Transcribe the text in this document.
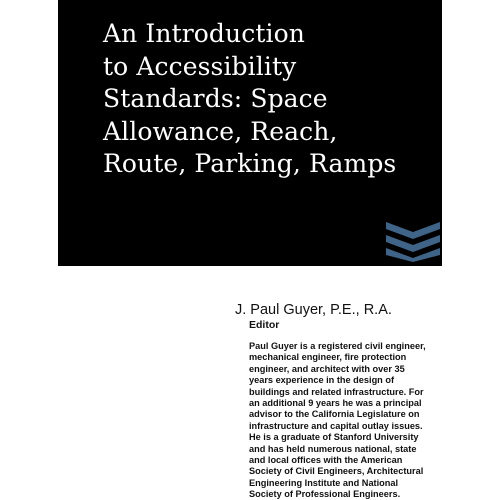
An Introduction
to Accessibility
Standards: Space
Allowance, Reach,
Route, Parking, Ramps
J. Paul Guyer, P.E., R.A.
Editor
Paul Guyer is a registered civil engineer,
mechanical engineer, fire protection
engineer, and architect with over 35
years experience in the design of
buildings and related infrastructure. For
an additional 9 years he was a principal
advisor to the California Legislature on
infrastructure and capital outlay issues.
He is a graduate of Stanford University
and has held numerous national, state
and local offices with the American
Society of Civil Engineers, Architectural
Engineering Institute and National
Society of Professional Engineers.
